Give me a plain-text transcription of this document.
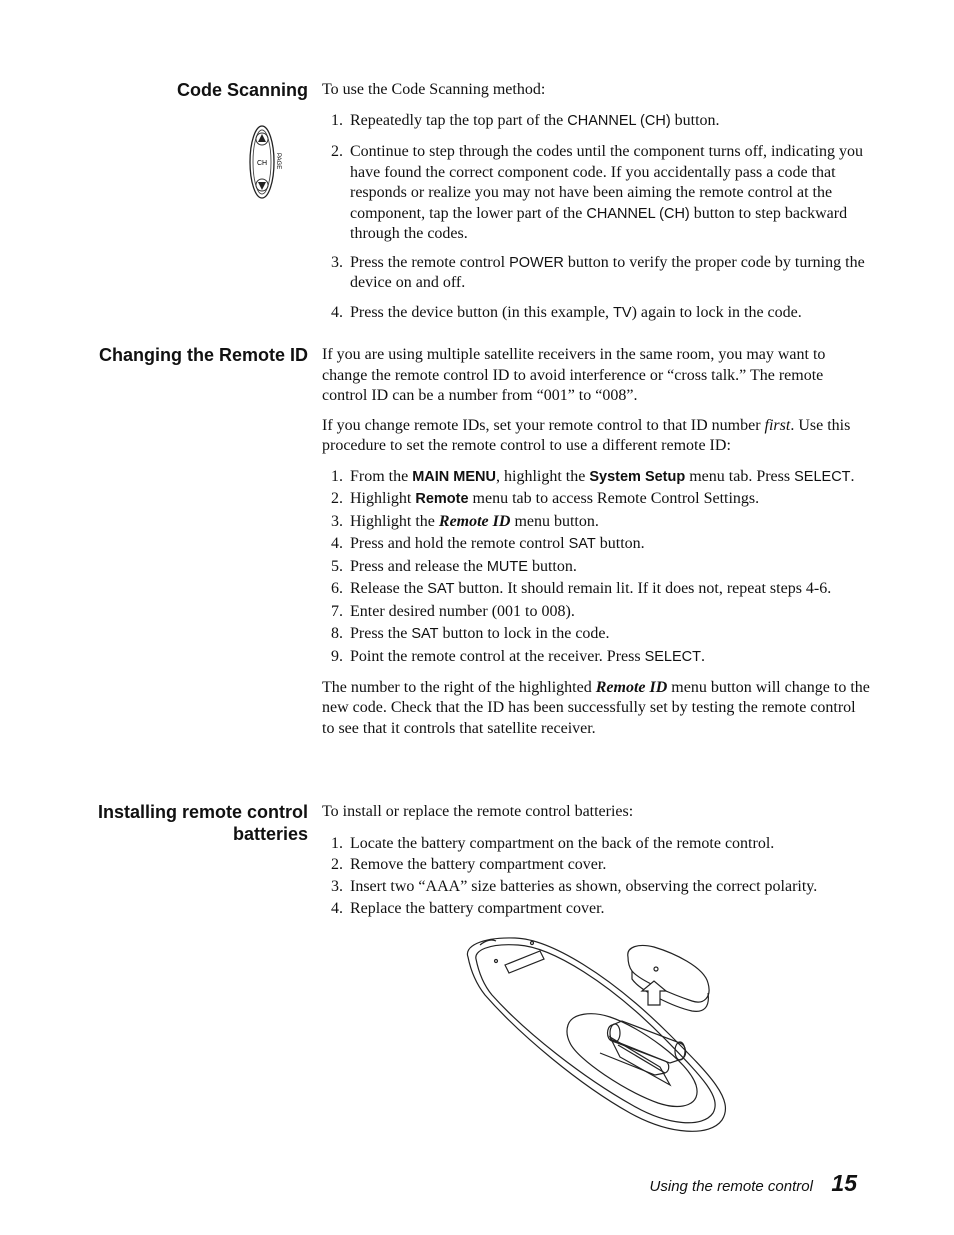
Code Scanning
CH PAGE

To use the Code Scanning method:

1. Repeatedly tap the top part of the CHANNEL (CH) button.
2. Continue to step through the codes until the component turns off, indicating you have found the correct component code. If you accidentally pass a code that responds or realize you may not have been aiming the remote control at the component, tap the lower part of the CHANNEL (CH) button to step backward through the codes.
3. Press the remote control POWER button to verify the proper code by turning the device on and off.
4. Press the device button (in this example, TV) again to lock in the code.
Changing the Remote ID If you are using multiple satellite receivers in the same room, you may want to change the remote control ID to avoid interference or “cross talk.” The remote control ID can be a number from “001” to “008”.

If you change remote IDs, set your remote control to that ID number first. Use this procedure to set the remote control to use a different remote ID:

1. From the MAIN MENU, highlight the System Setup menu tab. Press SELECT.
2. Highlight Remote menu tab to access Remote Control Settings.
3. Highlight the Remote ID menu button.
4. Press and hold the remote control SAT button.
5. Press and release the MUTE button.
6. Release the SAT button. It should remain lit. If it does not, repeat steps 4-6.
7. Enter desired number (001 to 008).
8. Press the SAT button to lock in the code.
9. Point the remote control at the receiver. Press SELECT.

The number to the right of the highlighted Remote ID menu button will change to the new code. Check that the ID has been successfully set by testing the remote control to see that it controls that satellite receiver.

Installing remote control
batteries

To install or replace the remote control batteries:

1. Locate the battery compartment on the back of the remote control.
2. Remove the battery compartment cover.
3. Insert two “AAA” size batteries as shown, observing the correct polarity.
4. Replace the battery compartment cover.
Using the remote control 15
